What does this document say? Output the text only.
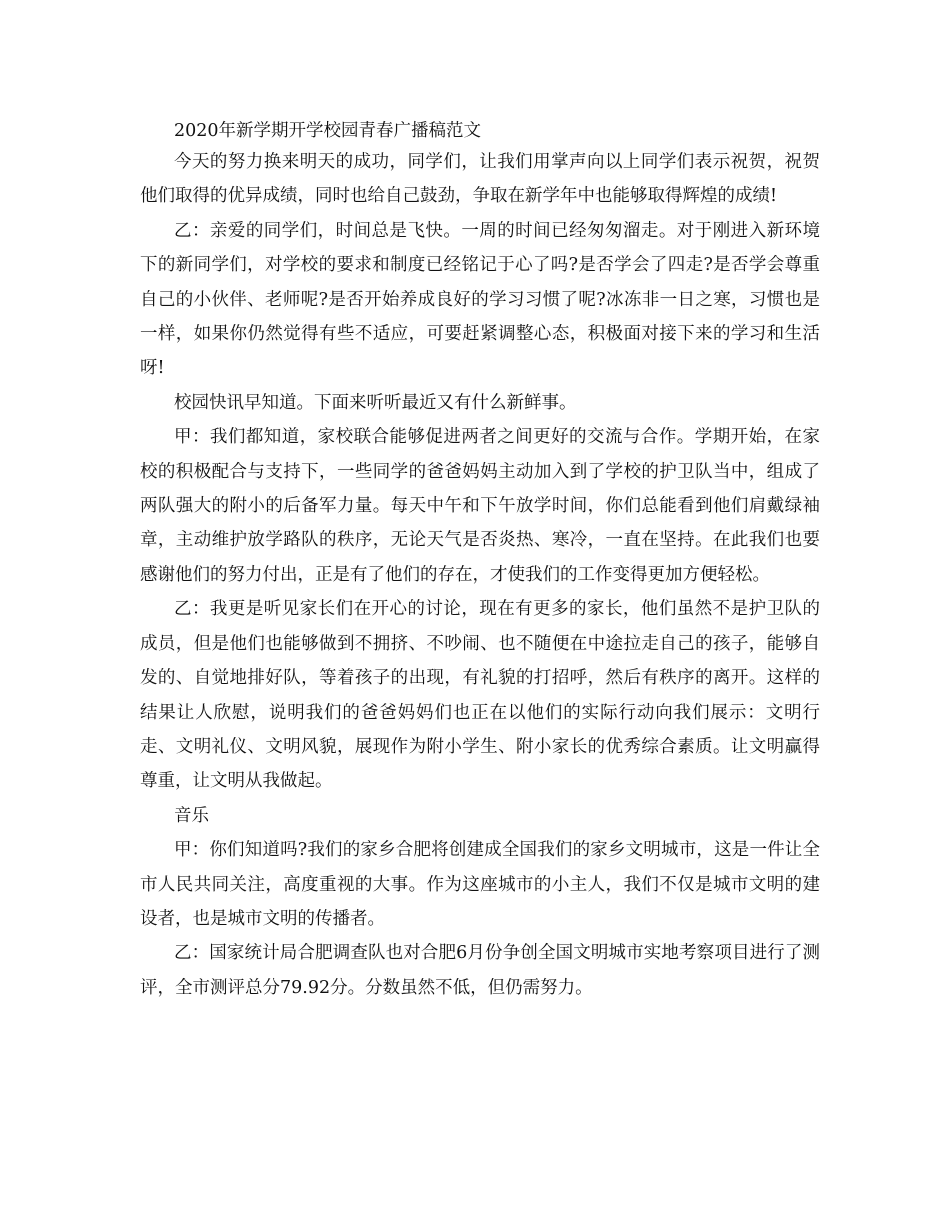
2020年新学期开学校园青春广播稿范文

今天的努力换来明天的成功，同学们，让我们用掌声向以上同学们表示祝贺，祝贺他们取得的优异成绩，同时也给自己鼓劲，争取在新学年中也能够取得辉煌的成绩!

乙：亲爱的同学们，时间总是飞快。一周的时间已经匆匆溜走。对于刚进入新环境下的新同学们，对学校的要求和制度已经铭记于心了吗?是否学会了四走?是否学会尊重自己的小伙伴、老师呢?是否开始养成良好的学习习惯了呢?冰冻非一日之寒，习惯也是一样，如果你仍然觉得有些不适应，可要赶紧调整心态，积极面对接下来的学习和生活呀!

校园快讯早知道。下面来听听最近又有什么新鲜事。

甲：我们都知道，家校联合能够促进两者之间更好的交流与合作。学期开始，在家校的积极配合与支持下，一些同学的爸爸妈妈主动加入到了学校的护卫队当中，组成了两队强大的附小的后备军力量。每天中午和下午放学时间，你们总能看到他们肩戴绿袖章，主动维护放学路队的秩序，无论天气是否炎热、寒冷，一直在坚持。在此我们也要感谢他们的努力付出，正是有了他们的存在，才使我们的工作变得更加方便轻松。

乙：我更是听见家长们在开心的讨论，现在有更多的家长，他们虽然不是护卫队的成员，但是他们也能够做到不拥挤、不吵闹、也不随便在中途拉走自己的孩子，能够自发的、自觉地排好队，等着孩子的出现，有礼貌的打招呼，然后有秩序的离开。这样的结果让人欣慰，说明我们的爸爸妈妈们也正在以他们的实际行动向我们展示：文明行走、文明礼仪、文明风貌，展现作为附小学生、附小家长的优秀综合素质。让文明赢得尊重，让文明从我做起。

音乐

甲：你们知道吗?我们的家乡合肥将创建成全国我们的家乡文明城市，这是一件让全市人民共同关注，高度重视的大事。作为这座城市的小主人，我们不仅是城市文明的建设者，也是城市文明的传播者。

乙：国家统计局合肥调查队也对合肥6月份争创全国文明城市实地考察项目进行了测评，全市测评总分79.92分。分数虽然不低，但仍需努力。
